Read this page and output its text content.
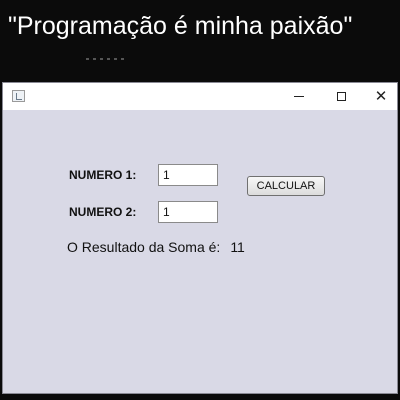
"Programação é minha paixão"
✕
NUMERO 1:
1
NUMERO 2:
1
CALCULAR
O Resultado da Soma é: 11
